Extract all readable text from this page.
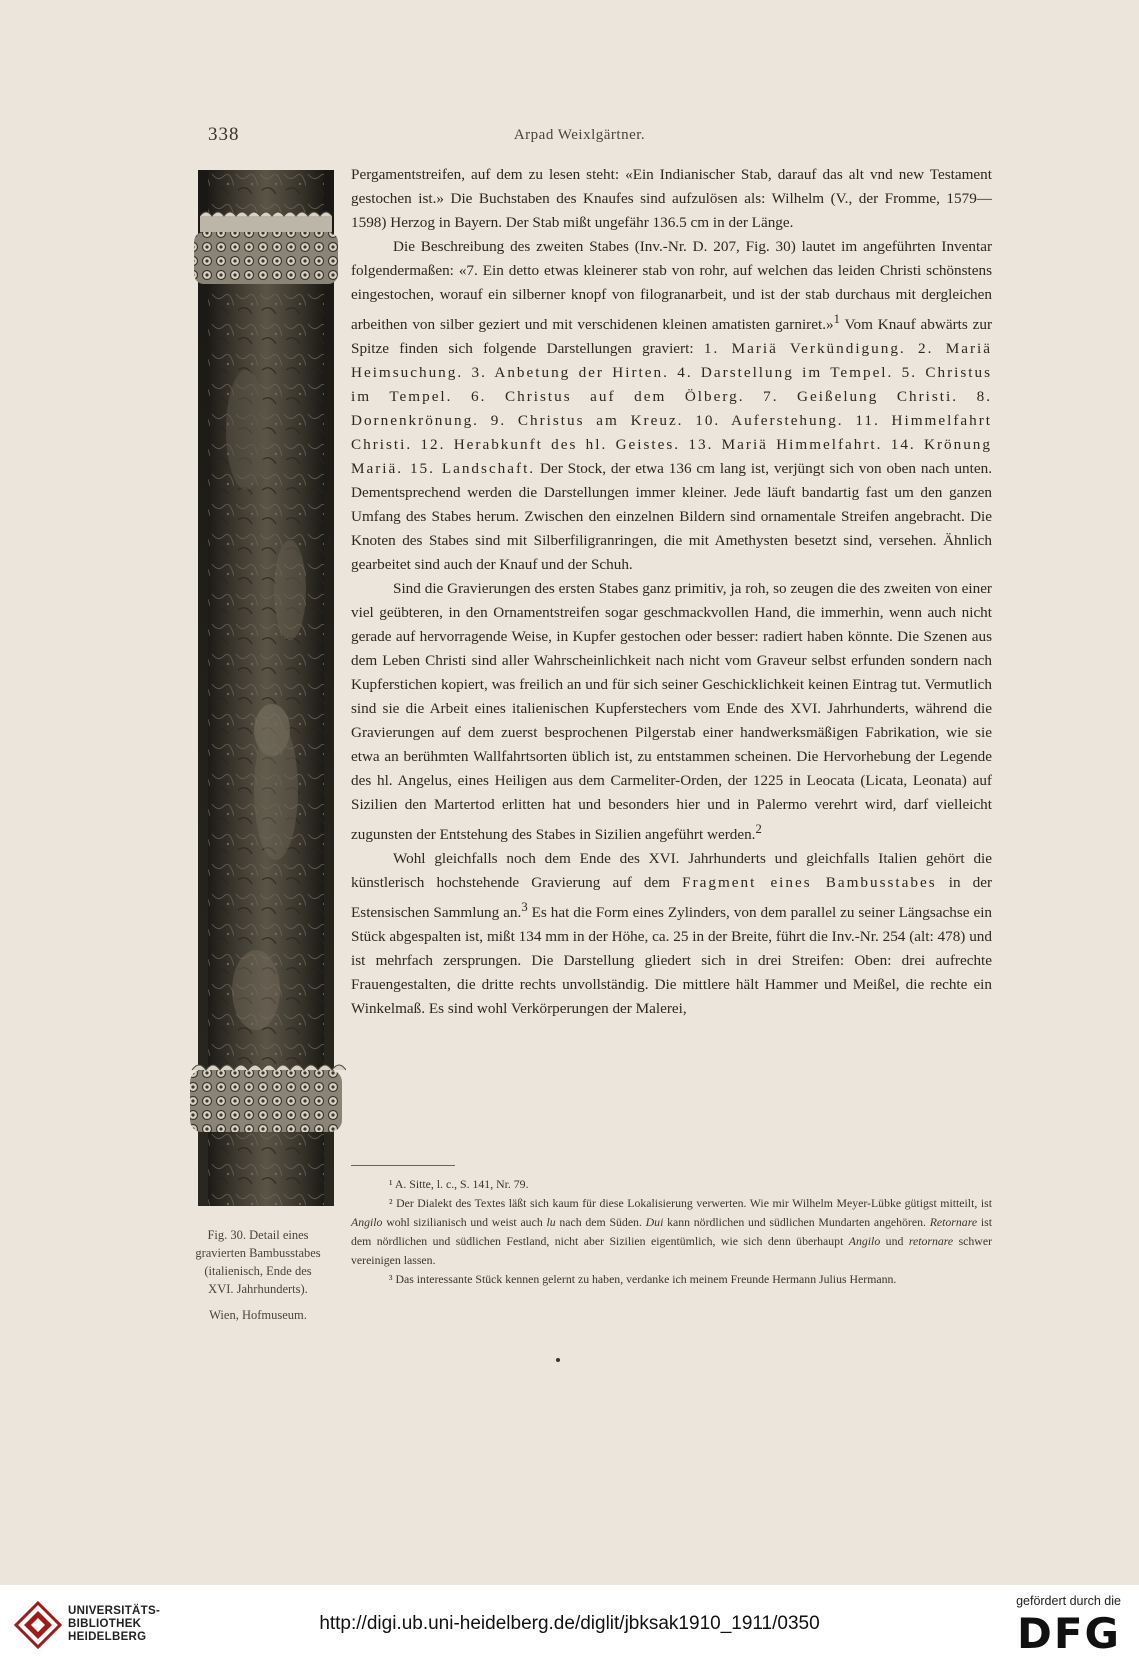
338	Arpad Weixlgärtner.
Fig. 30. Detail eines
gravierten Bambusstabes
(italienisch, Ende des
XVI. Jahrhunderts).
Wien, Hofmuseum.

Pergamentstreifen, auf dem zu lesen steht: «Ein Indianischer Stab, darauf das alt vnd new Testament gestochen ist.» Die Buchstaben des Knaufes sind aufzulösen als: Wilhelm (V., der Fromme, 1579—1598) Herzog in Bayern. Der Stab mißt ungefähr 136.5 cm in der Länge.

Die Beschreibung des zweiten Stabes (Inv.-Nr. D. 207, Fig. 30) lautet im angeführten Inventar folgendermaßen: «7. Ein detto etwas kleinerer stab von rohr, auf welchen das leiden Christi schönstens eingestochen, worauf ein silberner knopf von filogranarbeit, und ist der stab durchaus mit dergleichen arbeithen von silber geziert und mit verschidenen kleinen amatisten garniret.»$^1$ Vom Knauf abwärts zur Spitze finden sich folgende Darstellungen graviert: 1. Mariä Verkündigung. 2. Mariä Heimsuchung. 3. Anbetung der Hirten. 4. Darstellung im Tempel. 5. Christus im Tempel. 6. Christus auf dem Ölberg. 7. Geißelung Christi. 8. Dornenkrönung. 9. Christus am Kreuz. 10. Auferstehung. 11. Himmelfahrt Christi. 12. Herabkunft des hl. Geistes. 13. Mariä Himmelfahrt. 14. Krönung Mariä. 15. Landschaft. Der Stock, der etwa 136 cm lang ist, verjüngt sich von oben nach unten. Dementsprechend werden die Darstellungen immer kleiner. Jede läuft bandartig fast um den ganzen Umfang des Stabes herum. Zwischen den einzelnen Bildern sind ornamentale Streifen angebracht. Die Knoten des Stabes sind mit Silberfiligranringen, die mit Amethysten besetzt sind, versehen. Ähnlich gearbeitet sind auch der Knauf und der Schuh.

Sind die Gravierungen des ersten Stabes ganz primitiv, ja roh, so zeugen die des zweiten von einer viel geübteren, in den Ornamentstreifen sogar geschmackvollen Hand, die immerhin, wenn auch nicht gerade auf hervorragende Weise, in Kupfer gestochen oder besser: radiert haben könnte. Die Szenen aus dem Leben Christi sind aller Wahrscheinlichkeit nach nicht vom Graveur selbst erfunden sondern nach Kupferstichen kopiert, was freilich an und für sich seiner Geschicklichkeit keinen Eintrag tut. Vermutlich sind sie die Arbeit eines italienischen Kupferstechers vom Ende des XVI. Jahrhunderts, während die Gravierungen auf dem zuerst besprochenen Pilgerstab einer handwerksmäßigen Fabrikation, wie sie etwa an berühmten Wallfahrtsorten üblich ist, zu entstammen scheinen. Die Hervorhebung der Legende des hl. Angelus, eines Heiligen aus dem Carmeliter-Orden, der 1225 in Leocata (Licata, Leonata) auf Sizilien den Martertod erlitten hat und besonders hier und in Palermo verehrt wird, darf vielleicht zugunsten der Entstehung des Stabes in Sizilien angeführt werden.$^2$

Wohl gleichfalls noch dem Ende des XVI. Jahrhunderts und gleichfalls Italien gehört die künstlerisch hochstehende Gravierung auf dem Fragment eines Bambusstabes in der Estensischen Sammlung an.$^3$ Es hat die Form eines Zylinders, von dem parallel zu seiner Längsachse ein Stück abgespalten ist, mißt 134 mm in der Höhe, ca. 25 in der Breite, führt die Inv.-Nr. 254 (alt: 478) und ist mehrfach zersprungen. Die Darstellung gliedert sich in drei Streifen: Oben: drei aufrechte Frauengestalten, die dritte rechts unvollständig. Die mittlere hält Hammer und Meißel, die rechte ein Winkelmaß. Es sind wohl Verkörperungen der Malerei,

¹ A. Sitte, l. c., S. 141, Nr. 79.

² Der Dialekt des Textes läßt sich kaum für diese Lokalisierung verwerten. Wie mir Wilhelm Meyer-Lübke gütigst mitteilt, ist Angilo wohl sizilianisch und weist auch lu nach dem Süden. Dui kann nördlichen und südlichen Mundarten angehören. Retornare ist dem nördlichen und südlichen Festland, nicht aber Sizilien eigentümlich, wie sich denn überhaupt Angilo und retornare schwer vereinigen lassen.

³ Das interessante Stück kennen gelernt zu haben, verdanke ich meinem Freunde Hermann Julius Hermann.

UNIVERSITÄTS-
BIBLIOTHEK
HEIDELBERG
http://digi.ub.uni-heidelberg.de/diglit/jbksak1910_1911/0350
gefördert durch die
DFG
